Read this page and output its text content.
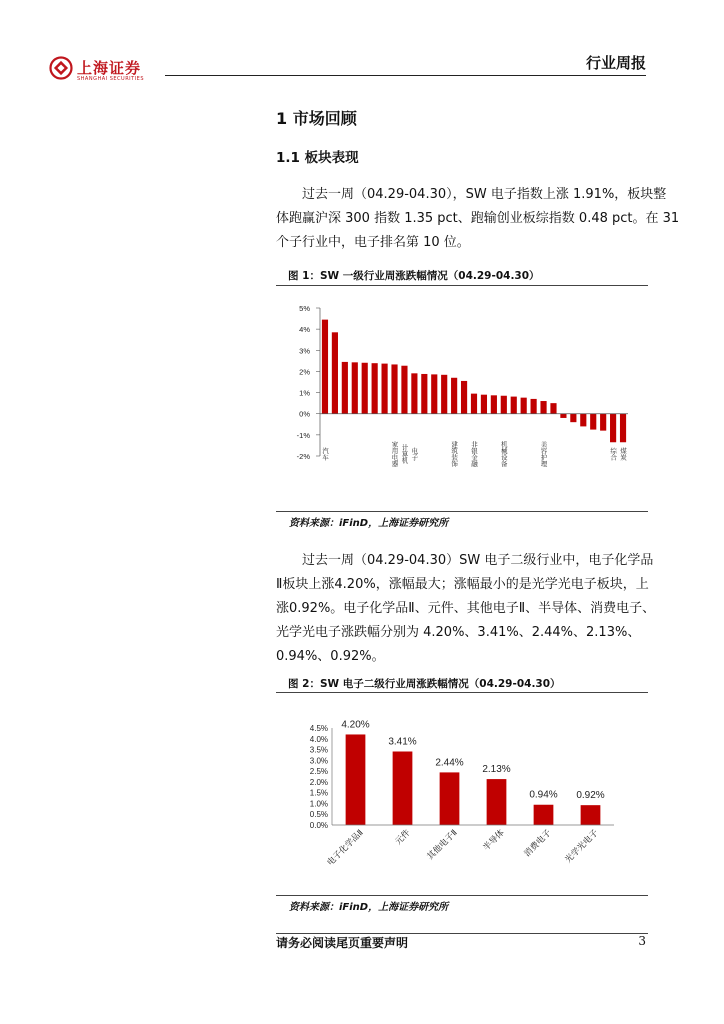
上海证券
SHANGHAI SECURITIES
行业周报
1 市场回顾
1.1 板块表现
过去一周（04.29-04.30），SW 电子指数上涨 1.91%，板块整
体跑赢沪深 300 指数 1.35 pct、跑输创业板综指数 0.48 pct。在 31
个子行业中，电子排名第 10 位。
图 1：SW 一级行业周涨跌幅情况（04.29-04.30）
5%
4%
3%
2%
1%
0%
-1%
-2% 汽车	家用电器 计算机 电子	建筑装饰 非银金融	机械设备	美容护理	综合 煤炭
资料来源：iFinD，上海证券研究所
过去一周（04.29-04.30）SW 电子二级行业中，电子化学品
Ⅱ板块上涨4.20%，涨幅最大；涨幅最小的是光学光电子板块，上
涨0.92%。电子化学品Ⅱ、元件、其他电子Ⅱ、半导体、消费电子、
光学光电子涨跌幅分别为 4.20%、3.41%、2.44%、2.13%、
0.94%、0.92%。
图 2：SW 电子二级行业周涨跌幅情况（04.29-04.30）
4.5%
4.0%
3.5%
3.0%
2.5%
2.0%
1.5%
1.0%
0.5%
0.0%
4.20%
3.41%
2.44%
2.13%
0.94% 0.92%
电子化学品Ⅱ	元件 其他电子Ⅱ	半导体 消费电子 光学光电子
资料来源：iFinD，上海证券研究所
请务必阅读尾页重要声明	3
